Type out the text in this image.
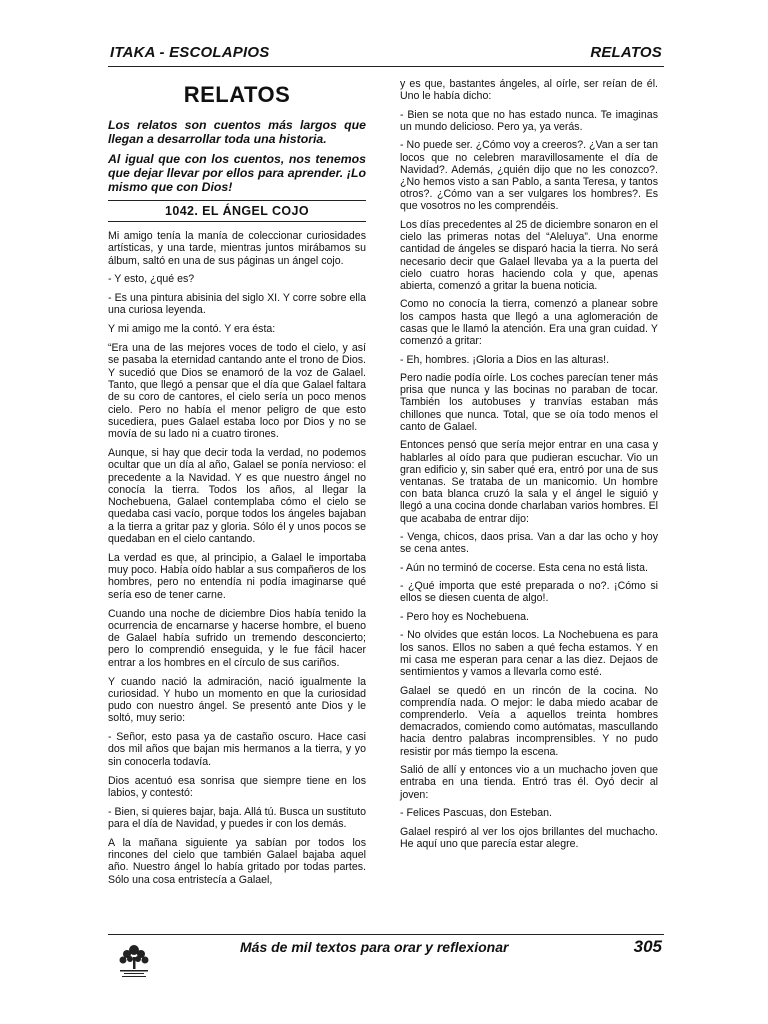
ITAKA - ESCOLAPIOS	RELATOS
RELATOS

Los relatos son cuentos más largos que llegan a desarrollar toda una historia.

Al igual que con los cuentos, nos tenemos que dejar llevar por ellos para aprender. ¡Lo mismo que con Dios!

1042. EL ÁNGEL COJO

Mi amigo tenía la manía de coleccionar curiosidades artísticas, y una tarde, mientras juntos mirábamos su álbum, saltó en una de sus páginas un ángel cojo.

- Y esto, ¿qué es?

- Es una pintura abisinia del siglo XI. Y corre sobre ella una curiosa leyenda.

Y mi amigo me la contó. Y era ésta:

“Era una de las mejores voces de todo el cielo, y así se pasaba la eternidad cantando ante el trono de Dios. Y sucedió que Dios se enamoró de la voz de Galael. Tanto, que llegó a pensar que el día que Galael faltara de su coro de cantores, el cielo sería un poco menos cielo. Pero no había el menor peligro de que esto sucediera, pues Galael estaba loco por Dios y no se movía de su lado ni a cuatro tirones.

Aunque, si hay que decir toda la verdad, no podemos ocultar que un día al año, Galael se ponía nervioso: el precedente a la Navidad. Y es que nuestro ángel no conocía la tierra. Todos los años, al llegar la Nochebuena, Galael contemplaba cómo el cielo se quedaba casi vacío, porque todos los ángeles bajaban a la tierra a gritar paz y gloria. Sólo él y unos pocos se quedaban en el cielo cantando.

La verdad es que, al principio, a Galael le importaba muy poco. Había oído hablar a sus compañeros de los hombres, pero no entendía ni podía imaginarse qué sería eso de tener carne.

Cuando una noche de diciembre Dios había tenido la ocurrencia de encarnarse y hacerse hombre, el bueno de Galael había sufrido un tremendo desconcierto; pero lo comprendió enseguida, y le fue fácil hacer entrar a los hombres en el círculo de sus cariños.

Y cuando nació la admiración, nació igualmente la curiosidad. Y hubo un momento en que la curiosidad pudo con nuestro ángel. Se presentó ante Dios y le soltó, muy serio:

- Señor, esto pasa ya de castaño oscuro. Hace casi dos mil años que bajan mis hermanos a la tierra, y yo sin conocerla todavía.

Dios acentuó esa sonrisa que siempre tiene en los labios, y contestó:

- Bien, si quieres bajar, baja. Allá tú. Busca un sustituto para el día de Navidad, y puedes ir con los demás.

A la mañana siguiente ya sabían por todos los rincones del cielo que también Galael bajaba aquel año. Nuestro ángel lo había gritado por todas partes. Sólo una cosa entristecía a Galael,

y es que, bastantes ángeles, al oírle, ser reían de él. Uno le había dicho:

- Bien se nota que no has estado nunca. Te imaginas un mundo delicioso. Pero ya, ya verás.

- No puede ser. ¿Cómo voy a creeros?. ¿Van a ser tan locos que no celebren maravillosamente el día de Navidad?. Además, ¿quién dijo que no les conozco?. ¿No hemos visto a san Pablo, a santa Teresa, y tantos otros?. ¿Cómo van a ser vulgares los hombres?. Es que vosotros no les comprendéis.

Los días precedentes al 25 de diciembre sonaron en el cielo las primeras notas del “Aleluya”. Una enorme cantidad de ángeles se disparó hacia la tierra. No será necesario decir que Galael llevaba ya a la puerta del cielo cuatro horas haciendo cola y que, apenas abierta, comenzó a gritar la buena noticia.

Como no conocía la tierra, comenzó a planear sobre los campos hasta que llegó a una aglomeración de casas que le llamó la atención. Era una gran cuidad. Y comenzó a gritar:

- Eh, hombres. ¡Gloria a Dios en las alturas!.

Pero nadie podía oírle. Los coches parecían tener más prisa que nunca y las bocinas no paraban de tocar. También los autobuses y tranvías estaban más chillones que nunca. Total, que se oía todo menos el canto de Galael.

Entonces pensó que sería mejor entrar en una casa y hablarles al oído para que pudieran escuchar. Vio un gran edificio y, sin saber qué era, entró por una de sus ventanas. Se trataba de un manicomio. Un hombre con bata blanca cruzó la sala y el ángel le siguió y llegó a una cocina donde charlaban varios hombres. El que acababa de entrar dijo:

- Venga, chicos, daos prisa. Van a dar las ocho y hoy se cena antes.

- Aún no terminó de cocerse. Esta cena no está lista.

- ¿Qué importa que esté preparada o no?. ¡Cómo si ellos se diesen cuenta de algo!.

- Pero hoy es Nochebuena.

- No olvides que están locos. La Nochebuena es para los sanos. Ellos no saben a qué fecha estamos. Y en mi casa me esperan para cenar a las diez. Dejaos de sentimientos y vamos a llevarla como esté.

Galael se quedó en un rincón de la cocina. No comprendía nada. O mejor: le daba miedo acabar de comprenderlo. Veía a aquellos treinta hombres demacrados, comiendo como autómatas, mascullando hacia dentro palabras incomprensibles. Y no pudo resistir por más tiempo la escena.

Salió de allí y entonces vio a un muchacho joven que entraba en una tienda. Entró tras él. Oyó decir al joven:

- Felices Pascuas, don Esteban.

Galael respiró al ver los ojos brillantes del muchacho. He aquí uno que parecía estar alegre.

Más de mil textos para orar y reflexionar	305
